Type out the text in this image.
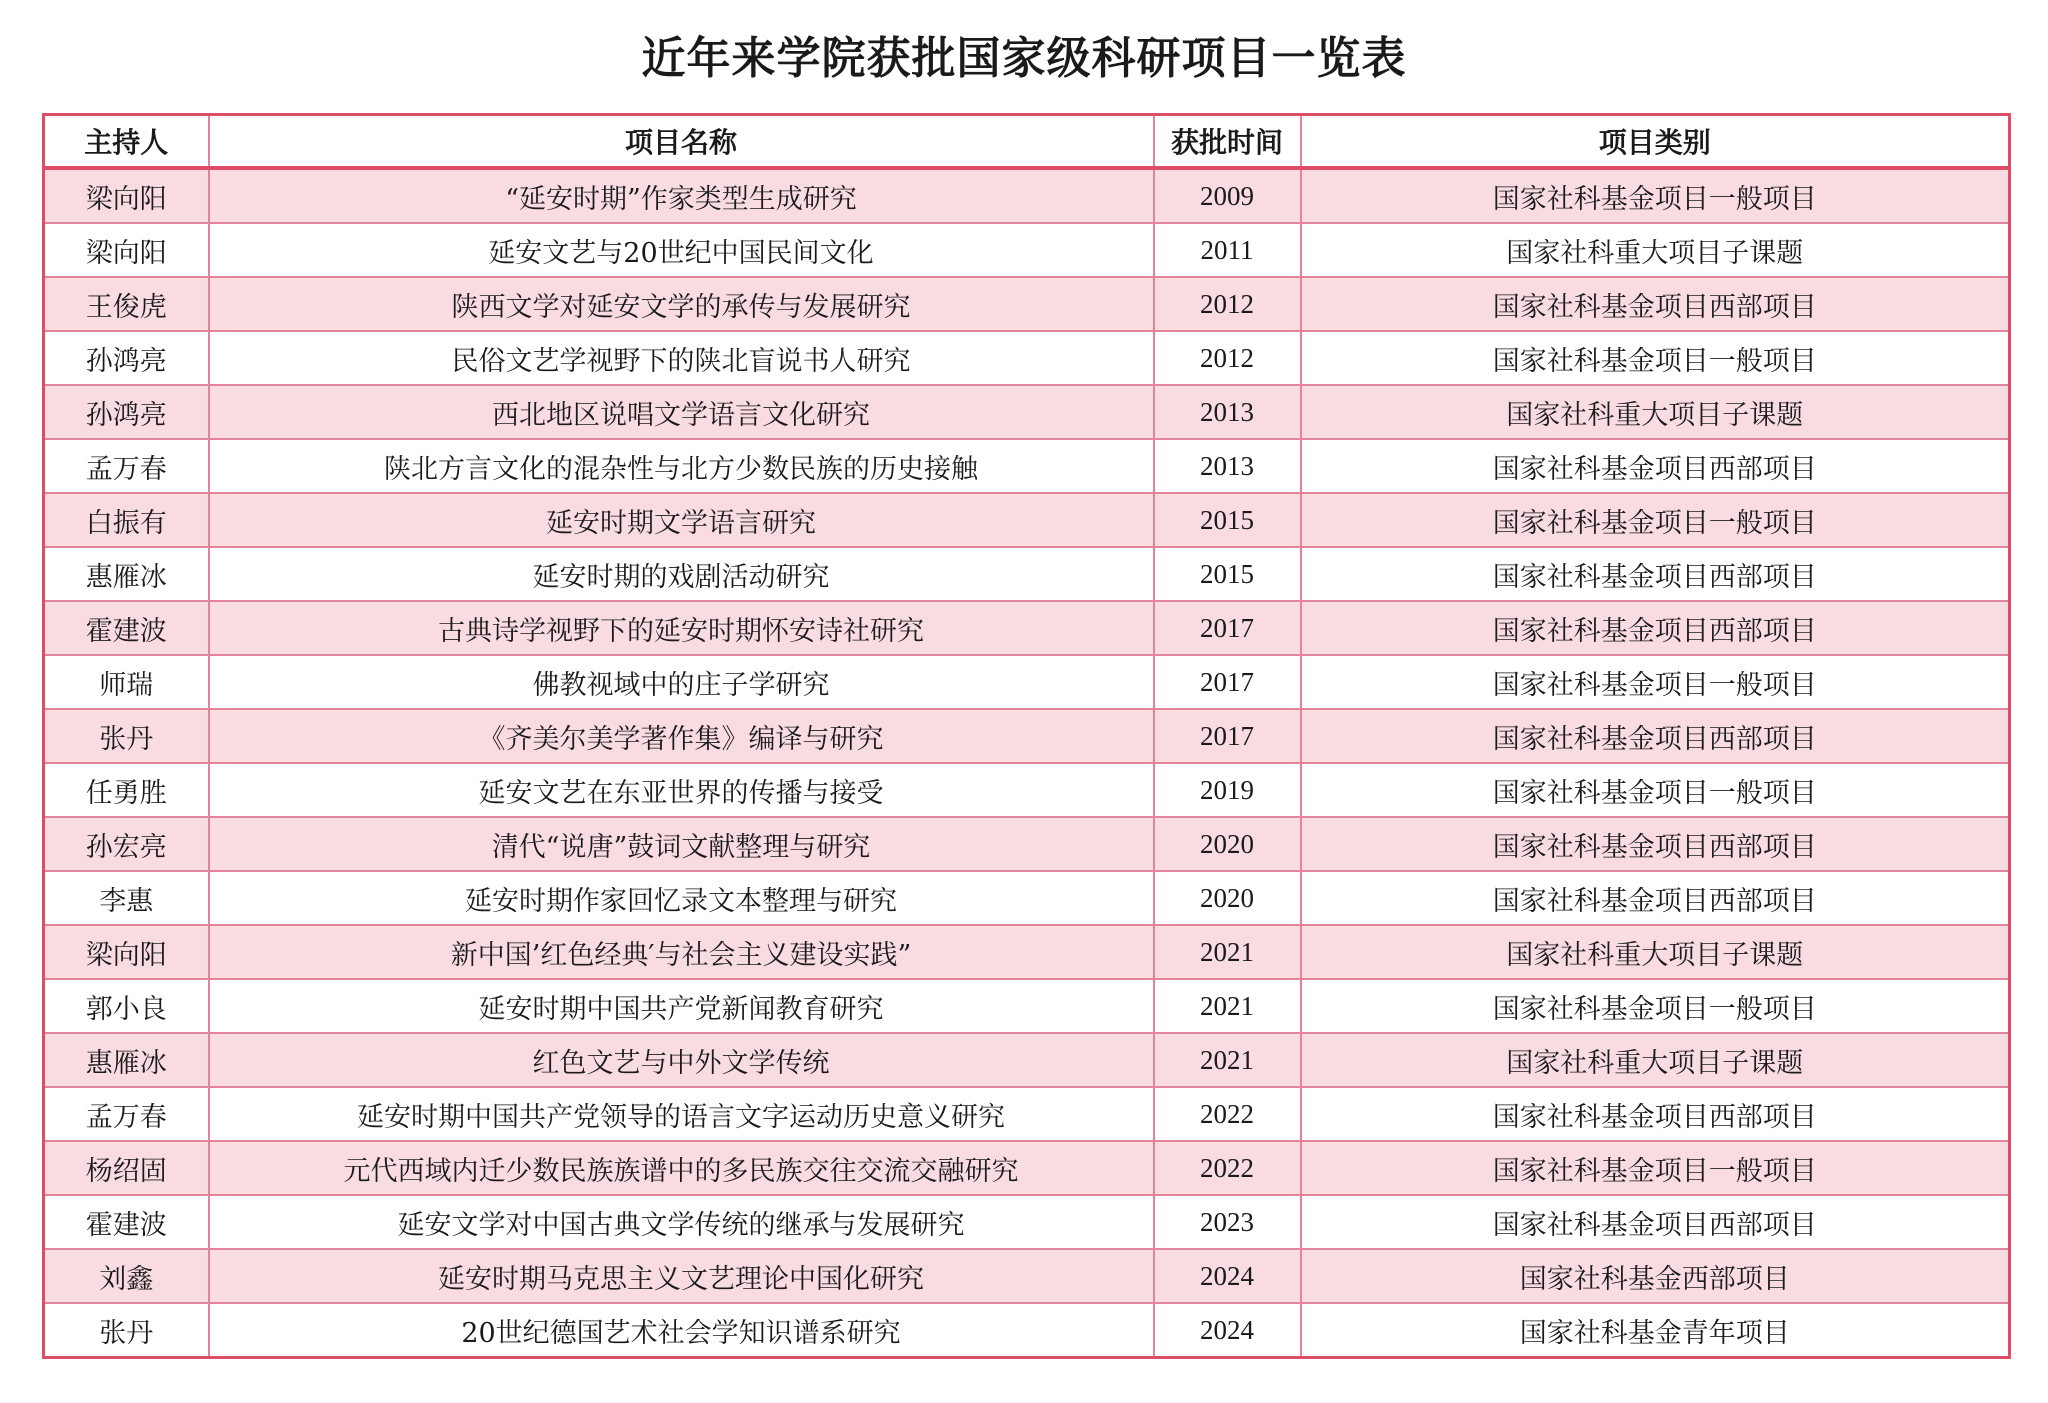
近年来学院获批国家级科研项目一览表
主持人	项目名称	获批时间	项目类别
梁向阳	“延安时期”作家类型生成研究	2009	国家社科基金项目一般项目
梁向阳	延安文艺与20世纪中国民间文化	2011	国家社科重大项目子课题
王俊虎	陕西文学对延安文学的承传与发展研究	2012	国家社科基金项目西部项目
孙鸿亮	民俗文艺学视野下的陕北盲说书人研究	2012	国家社科基金项目一般项目
孙鸿亮	西北地区说唱文学语言文化研究	2013	国家社科重大项目子课题
孟万春	陕北方言文化的混杂性与北方少数民族的历史接触	2013	国家社科基金项目西部项目
白振有	延安时期文学语言研究	2015	国家社科基金项目一般项目
惠雁冰	延安时期的戏剧活动研究	2015	国家社科基金项目西部项目
霍建波	古典诗学视野下的延安时期怀安诗社研究	2017	国家社科基金项目西部项目
师瑞	佛教视域中的庄子学研究	2017	国家社科基金项目一般项目
张丹	《齐美尔美学著作集》编译与研究	2017	国家社科基金项目西部项目
任勇胜	延安文艺在东亚世界的传播与接受	2019	国家社科基金项目一般项目
孙宏亮	清代“说唐”鼓词文献整理与研究	2020	国家社科基金项目西部项目
李惠	延安时期作家回忆录文本整理与研究	2020	国家社科基金项目西部项目
梁向阳	新中国’红色经典′与社会主义建设实践”	2021	国家社科重大项目子课题
郭小良	延安时期中国共产党新闻教育研究	2021	国家社科基金项目一般项目
惠雁冰	红色文艺与中外文学传统	2021	国家社科重大项目子课题
孟万春	延安时期中国共产党领导的语言文字运动历史意义研究	2022	国家社科基金项目西部项目
杨绍固	元代西域内迁少数民族族谱中的多民族交往交流交融研究	2022	国家社科基金项目一般项目
霍建波	延安文学对中国古典文学传统的继承与发展研究	2023	国家社科基金项目西部项目
刘鑫	延安时期马克思主义文艺理论中国化研究	2024	国家社科基金西部项目
张丹	20世纪德国艺术社会学知识谱系研究	2024	国家社科基金青年项目
